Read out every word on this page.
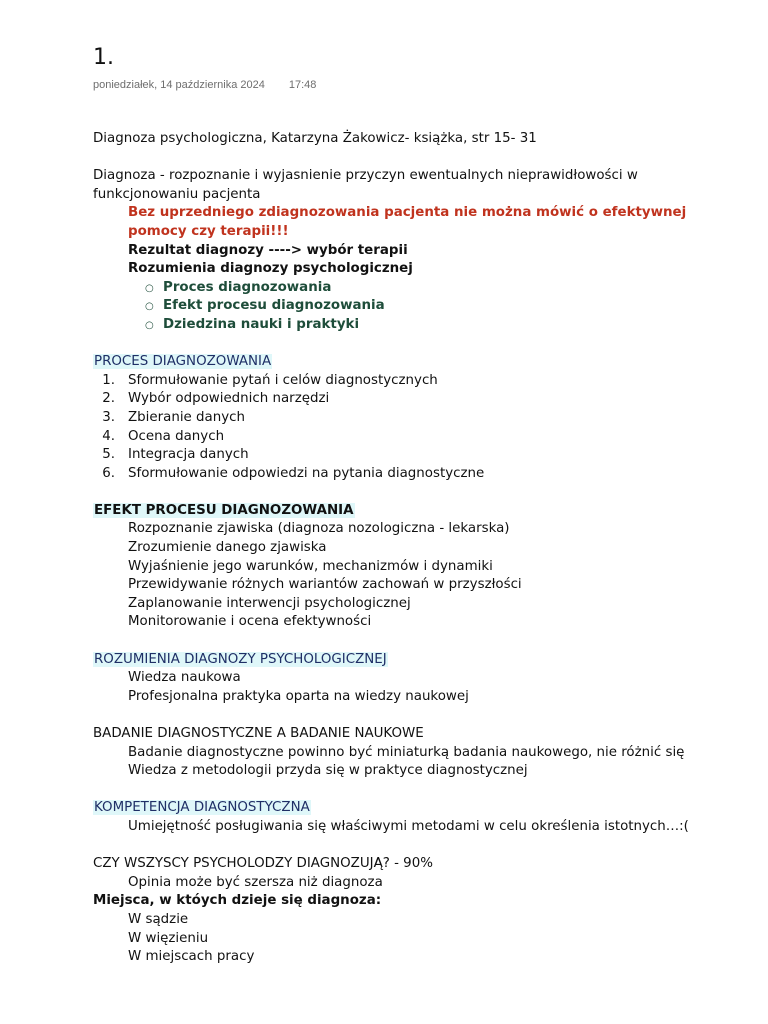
1.
poniedziałek, 14 października 2024 17:48
Diagnoza psychologiczna, Katarzyna Żakowicz- książka, str 15- 31
Diagnoza - rozpoznanie i wyjasnienie przyczyn ewentualnych nieprawidłowości w
funkcjonowaniu pacjenta
Bez uprzedniego zdiagnozowania pacjenta nie można mówić o efektywnej
pomocy czy terapii!!!
Rezultat diagnozy ----> wybór terapii
Rozumienia diagnozy psychologicznej
○ Proces diagnozowania
○ Efekt procesu diagnozowania
○ Dziedzina nauki i praktyki
PROCES DIAGNOZOWANIA
1. Sformułowanie pytań i celów diagnostycznych
2. Wybór odpowiednich narzędzi
3. Zbieranie danych
4. Ocena danych
5. Integracja danych
6. Sformułowanie odpowiedzi na pytania diagnostyczne
EFEKT PROCESU DIAGNOZOWANIA
Rozpoznanie zjawiska (diagnoza nozologiczna - lekarska)
Zrozumienie danego zjawiska
Wyjaśnienie jego warunków, mechanizmów i dynamiki
Przewidywanie różnych wariantów zachowań w przyszłości
Zaplanowanie interwencji psychologicznej
Monitorowanie i ocena efektywności
ROZUMIENIA DIAGNOZY PSYCHOLOGICZNEJ
Wiedza naukowa
Profesjonalna praktyka oparta na wiedzy naukowej
BADANIE DIAGNOSTYCZNE A BADANIE NAUKOWE
Badanie diagnostyczne powinno być miniaturką badania naukowego, nie różnić się
Wiedza z metodologii przyda się w praktyce diagnostycznej
KOMPETENCJA DIAGNOSTYCZNA
Umiejętność posługiwania się właściwymi metodami w celu określenia istotnych…:(
CZY WSZYSCY PSYCHOLODZY DIAGNOZUJĄ? - 90%
Opinia może być szersza niż diagnoza
Miejsca, w któych dzieje się diagnoza:
W sądzie
W więzieniu
W miejscach pracy
